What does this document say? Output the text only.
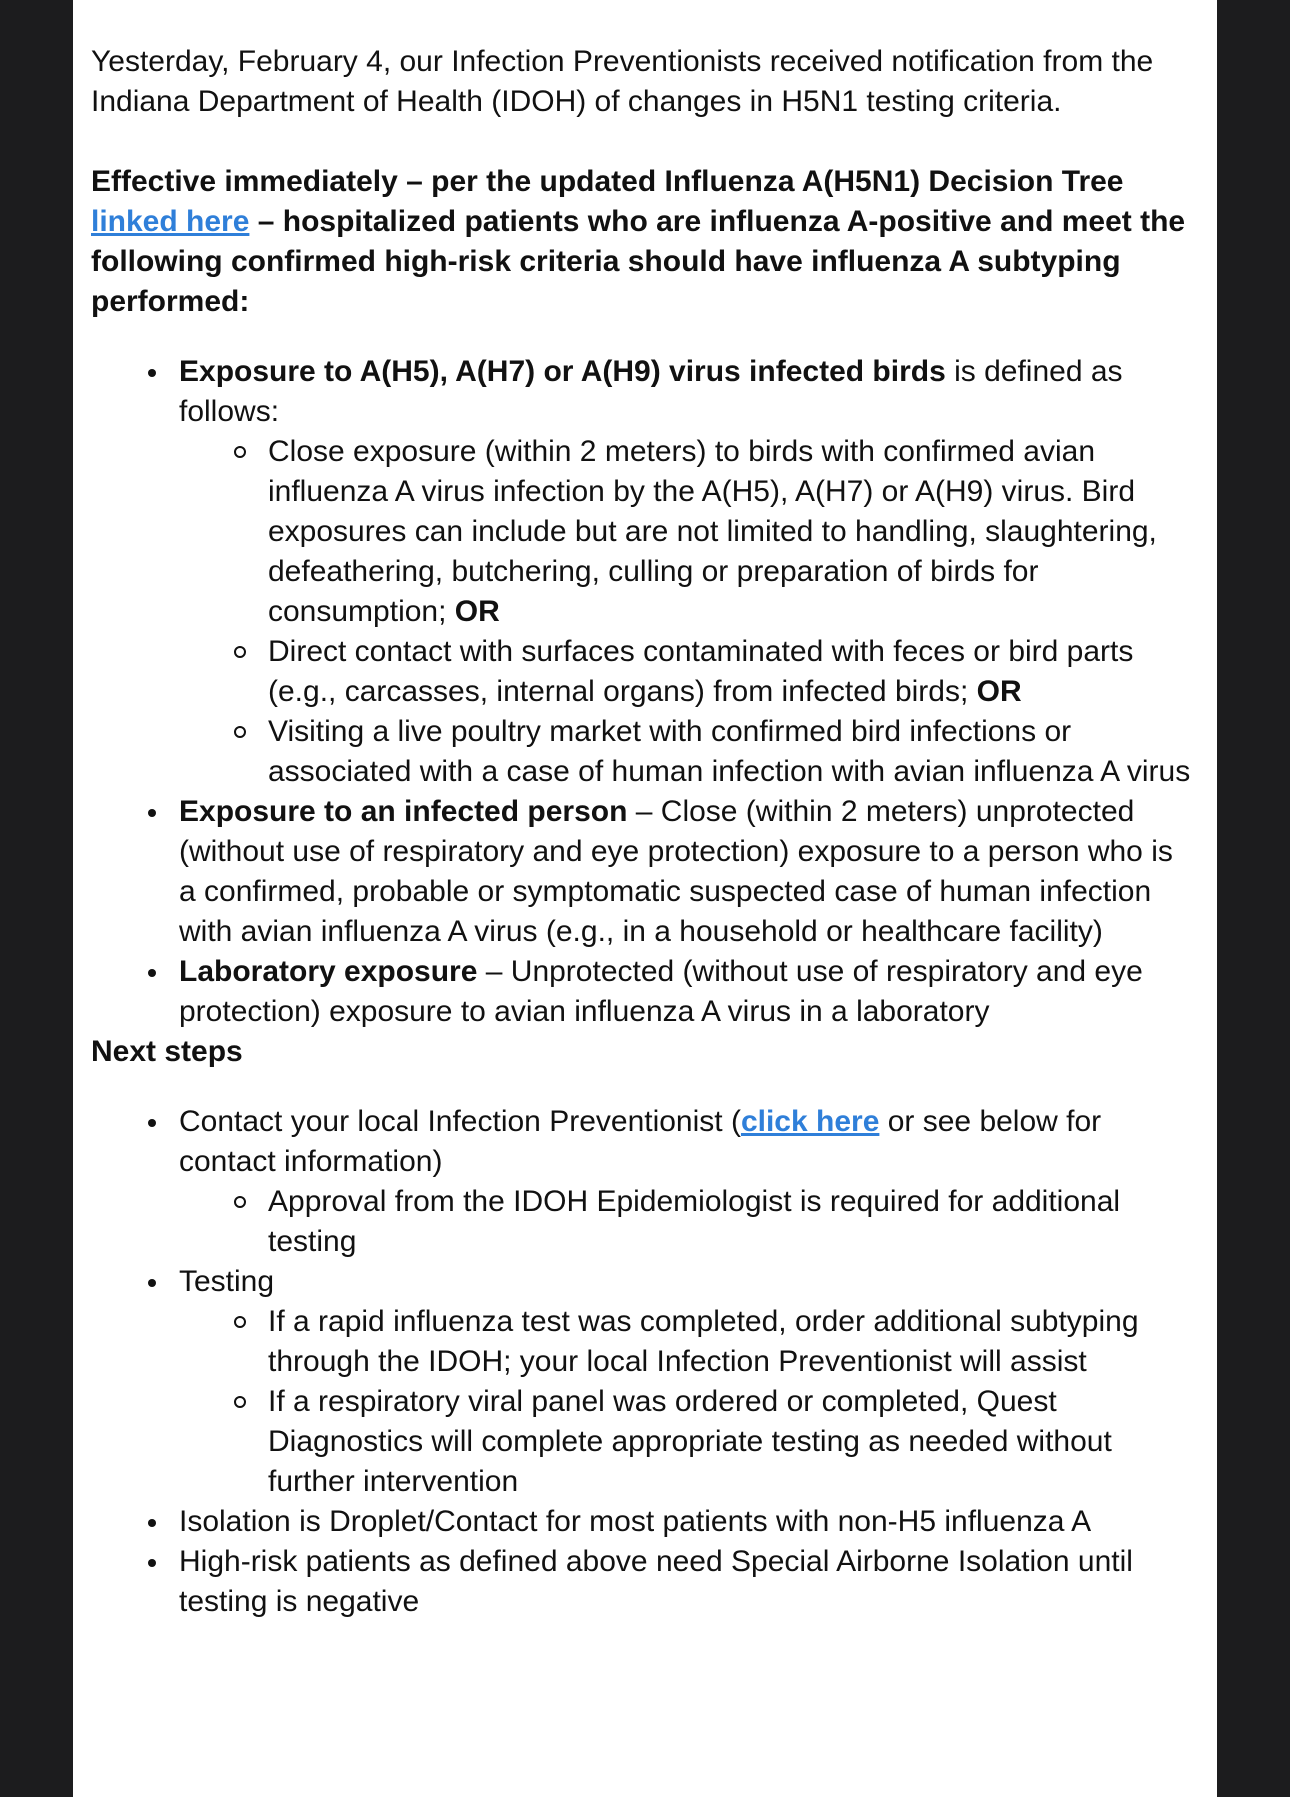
Yesterday, February 4, our Infection Preventionists received notification from the Indiana Department of Health (IDOH) of changes in H5N1 testing criteria.

Effective immediately – per the updated Influenza A(H5N1) Decision Tree linked here – hospitalized patients who are influenza A-positive and meet the following confirmed high-risk criteria should have influenza A subtyping performed:

Exposure to A(H5), A(H7) or A(H9) virus infected birds is defined as follows:
Close exposure (within 2 meters) to birds with confirmed avian influenza A virus infection by the A(H5), A(H7) or A(H9) virus. Bird exposures can include but are not limited to handling, slaughtering, defeathering, butchering, culling or preparation of birds for consumption; OR
Direct contact with surfaces contaminated with feces or bird parts (e.g., carcasses, internal organs) from infected birds; OR
Visiting a live poultry market with confirmed bird infections or associated with a case of human infection with avian influenza A virus
Exposure to an infected person – Close (within 2 meters) unprotected (without use of respiratory and eye protection) exposure to a person who is a confirmed, probable or symptomatic suspected case of human infection with avian influenza A virus (e.g., in a household or healthcare facility)
Laboratory exposure – Unprotected (without use of respiratory and eye protection) exposure to avian influenza A virus in a laboratory

Next steps

Contact your local Infection Preventionist (click here or see below for contact information)
Approval from the IDOH Epidemiologist is required for additional testing
Testing
If a rapid influenza test was completed, order additional subtyping through the IDOH; your local Infection Preventionist will assist
If a respiratory viral panel was ordered or completed, Quest Diagnostics will complete appropriate testing as needed without further intervention
Isolation is Droplet/Contact for most patients with non-H5 influenza A
High-risk patients as defined above need Special Airborne Isolation until testing is negative
